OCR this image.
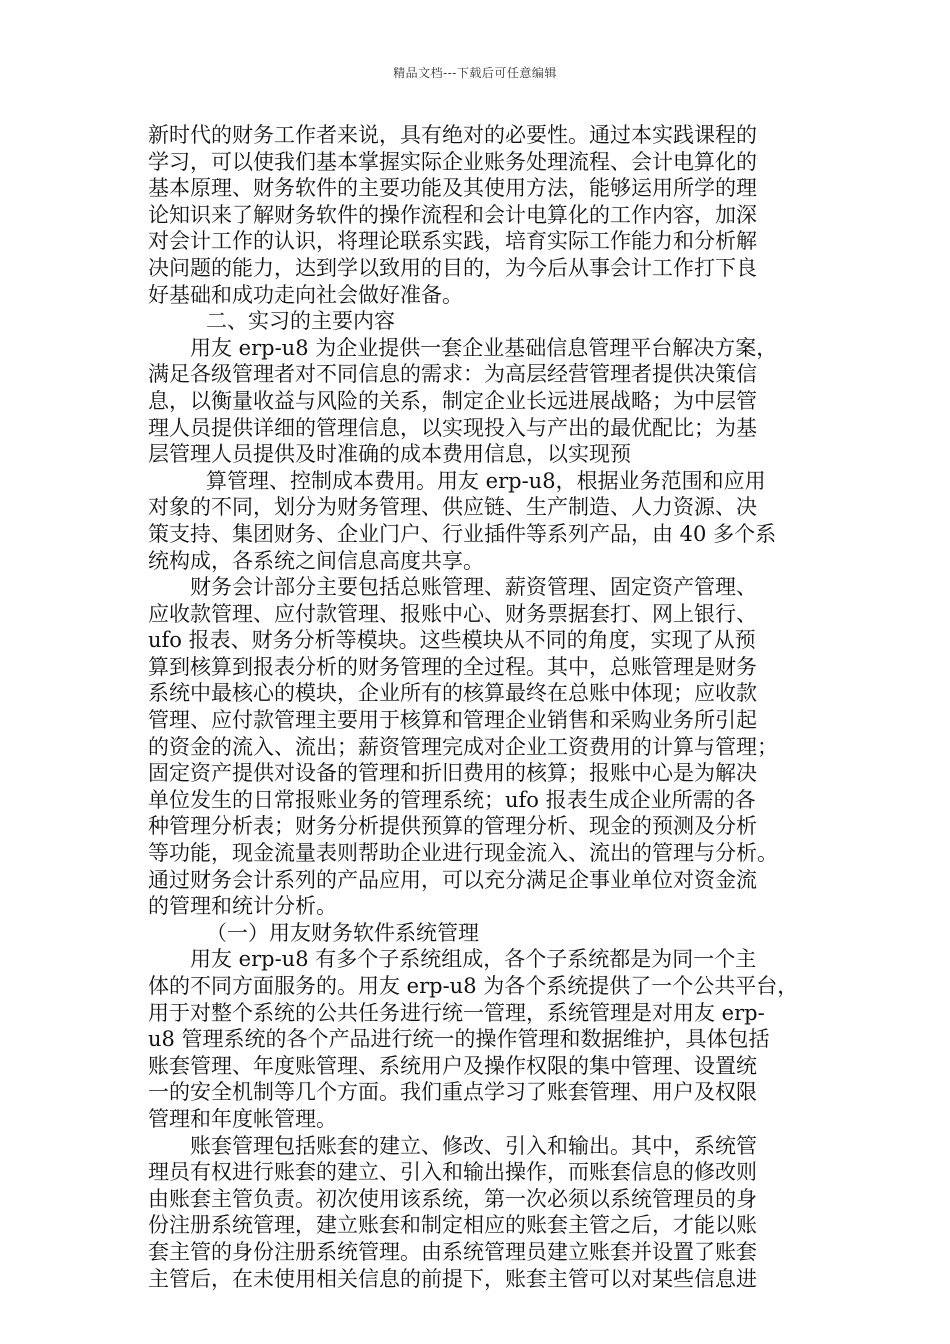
精品文档---下载后可任意编辑
新时代的财务工作者来说，具有绝对的必要性。通过本实践课程的
学习，可以使我们基本掌握实际企业账务处理流程、会计电算化的
基本原理、财务软件的主要功能及其使用方法，能够运用所学的理
论知识来了解财务软件的操作流程和会计电算化的工作内容，加深
对会计工作的认识，将理论联系实践，培育实际工作能力和分析解
决问题的能力，达到学以致用的目的，为今后从事会计工作打下良
好基础和成功走向社会做好准备。
二、实习的主要内容
用友 erp-u8 为企业提供一套企业基础信息管理平台解决方案，
满足各级管理者对不同信息的需求：为高层经营管理者提供决策信
息，以衡量收益与风险的关系，制定企业长远进展战略；为中层管
理人员提供详细的管理信息，以实现投入与产出的最优配比；为基
层管理人员提供及时准确的成本费用信息，以实现预
算管理、控制成本费用。用友 erp-u8，根据业务范围和应用
对象的不同，划分为财务管理、供应链、生产制造、人力资源、决
策支持、集团财务、企业门户、行业插件等系列产品，由 40 多个系
统构成，各系统之间信息高度共享。
财务会计部分主要包括总账管理、薪资管理、固定资产管理、
应收款管理、应付款管理、报账中心、财务票据套打、网上银行、
ufo 报表、财务分析等模块。这些模块从不同的角度，实现了从预
算到核算到报表分析的财务管理的全过程。其中，总账管理是财务
系统中最核心的模块，企业所有的核算最终在总账中体现；应收款
管理、应付款管理主要用于核算和管理企业销售和采购业务所引起
的资金的流入、流出；薪资管理完成对企业工资费用的计算与管理；
固定资产提供对设备的管理和折旧费用的核算；报账中心是为解决
单位发生的日常报账业务的管理系统；ufo 报表生成企业所需的各
种管理分析表；财务分析提供预算的管理分析、现金的预测及分析
等功能，现金流量表则帮助企业进行现金流入、流出的管理与分析。
通过财务会计系列的产品应用，可以充分满足企事业单位对资金流
的管理和统计分析。
（一）用友财务软件系统管理
用友 erp-u8 有多个子系统组成，各个子系统都是为同一个主
体的不同方面服务的。用友 erp-u8 为各个系统提供了一个公共平台，
用于对整个系统的公共任务进行统一管理，系统管理是对用友 erp-
u8 管理系统的各个产品进行统一的操作管理和数据维护，具体包括
账套管理、年度账管理、系统用户及操作权限的集中管理、设置统
一的安全机制等几个方面。我们重点学习了账套管理、用户及权限
管理和年度帐管理。
账套管理包括账套的建立、修改、引入和输出。其中，系统管
理员有权进行账套的建立、引入和输出操作，而账套信息的修改则
由账套主管负责。初次使用该系统，第一次必须以系统管理员的身
份注册系统管理，建立账套和制定相应的账套主管之后，才能以账
套主管的身份注册系统管理。由系统管理员建立账套并设置了账套
主管后，在未使用相关信息的前提下，账套主管可以对某些信息进
